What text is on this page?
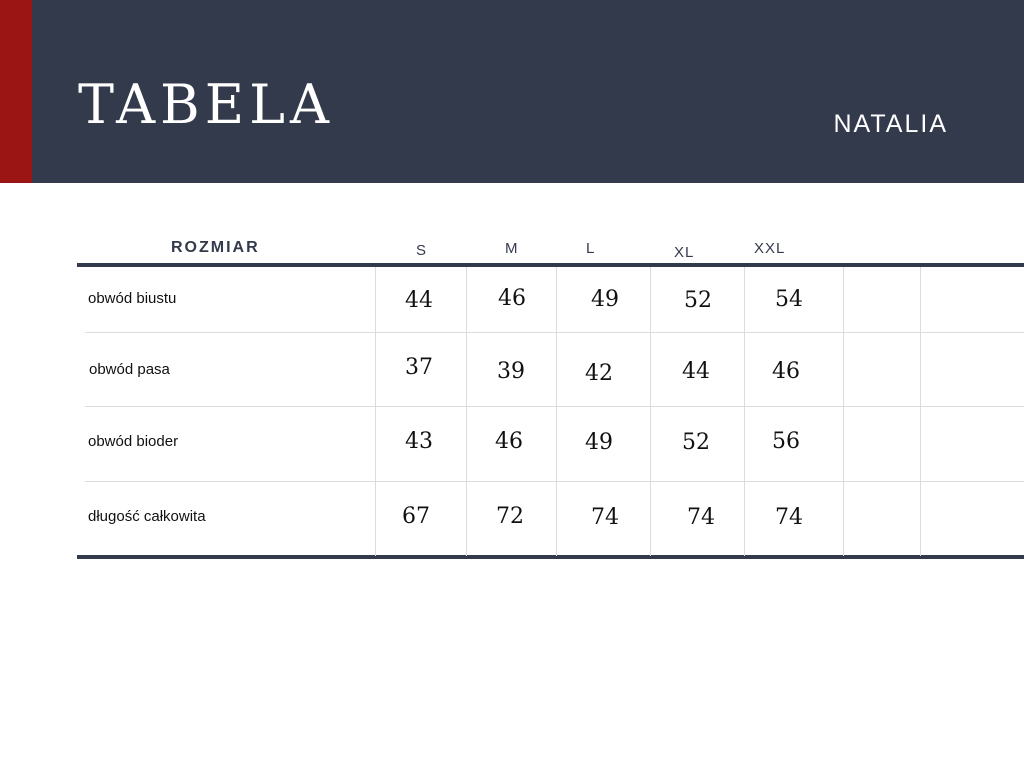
TABELA	NATALIA
ROZMIAR	S	M	L	XL	XXL
obwód biustu	44	46	49	52	54
obwód pasa	37	39	42	44	46
obwód bioder	43	46	49	52	56
długość całkowita	67	72	74	74	74
